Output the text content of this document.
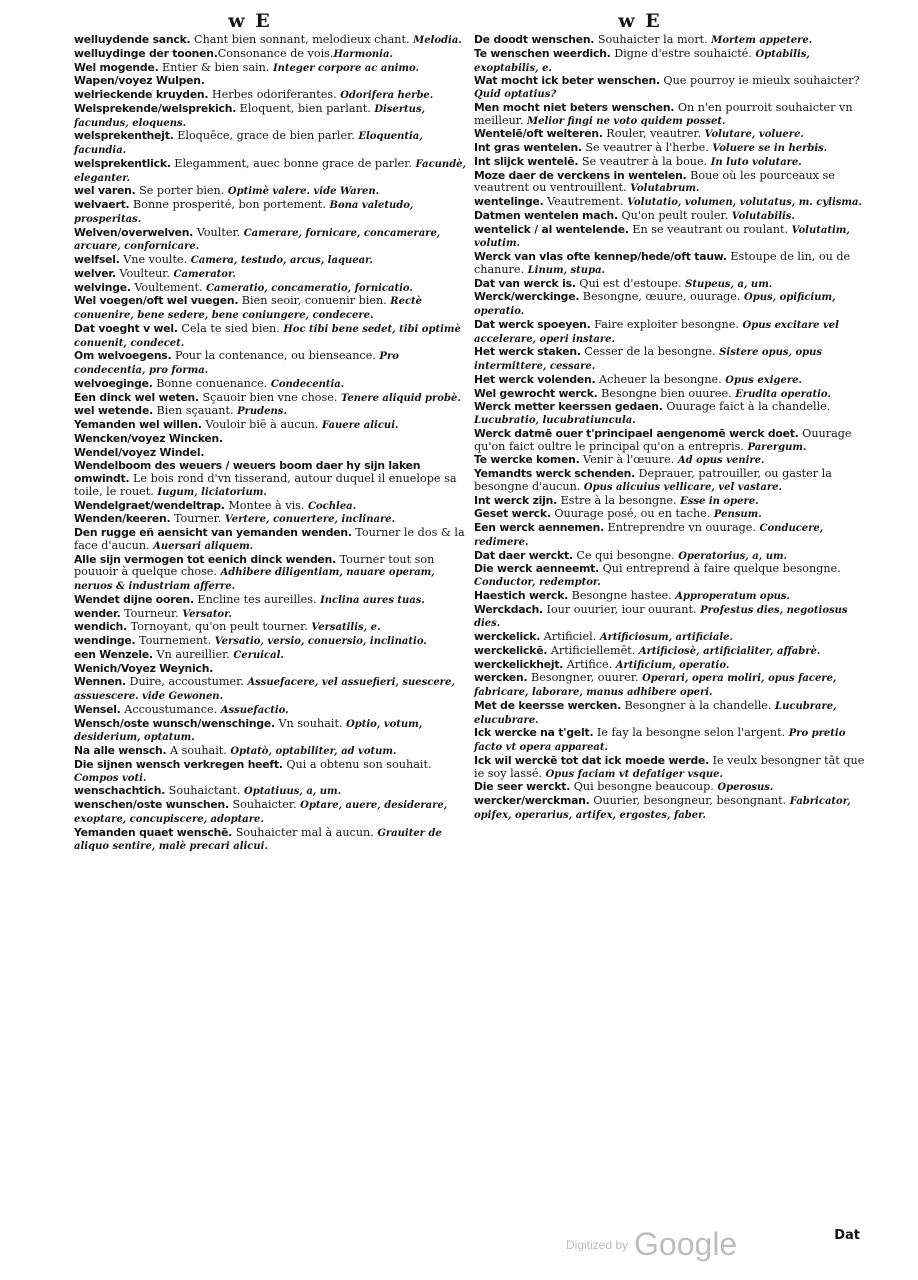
w E	w E

welluydende sanck. Chant bien sonnant, melodieux chant. Melodia.

welluydinge der toonen.Consonance de vois.Harmonia.

Wel mogende. Entier & bien sain. Integer corpore ac animo.

Wapen/voyez Wulpen.

welrieckende kruyden. Herbes odoriferantes. Odorifera herbe.

Welsprekende/welsprekich. Eloquent, bien parlant. Disertus, facundus, eloquens.

welsprekenthejt. Eloquēce, grace de bien parler. Eloquentia, facundia.

welsprekentlick. Elegamment, auec bonne grace de parler. Facundè, eleganter.

wel varen. Se porter bien. Optimè valere. vide Waren.

welvaert. Bonne prosperité, bon portement. Bona valetudo, prosperitas.

Welven/overwelven. Voulter. Camerare, fornicare, concamerare, arcuare, confornicare.

welfsel. Vne voulte. Camera, testudo, arcus, laquear.

welver. Voulteur. Camerator.

welvinge. Voultement. Cameratio, concameratio, fornicatio.

Wel voegen/oft wel vuegen. Bien seoir, conuenir bien. Rectè conuenire, bene sedere, bene coniungere, condecere.

Dat voeght v wel. Cela te sied bien. Hoc tibi bene sedet, tibi optimè conuenit, condecet.

Om welvoegens. Pour la contenance, ou bienseance. Pro condecentia, pro forma.

welvoeginge. Bonne conuenance. Condecentia.

Een dinck wel weten. Sçauoir bien vne chose. Tenere aliquid probè.

wel wetende. Bien sçauant. Prudens.

Yemanden wel willen. Vouloir biē à aucun. Fauere alicui.

Wencken/voyez Wincken.

Wendel/voyez Windel.

Wendelboom des weuers / weuers boom daer hy sijn laken omwindt. Le bois rond d'vn tisserand, autour duquel il enuelope sa toile, le rouet. Iugum, liciatorium.

Wendelgraet/wendeltrap. Montee à vis. Cochlea.

Wenden/keeren. Tourner. Vertere, conuertere, inclinare.

Den rugge eñ aensicht van yemanden wenden. Tourner le dos & la face d'aucun. Auersari aliquem.

Alle sijn vermogen tot eenich dinck wenden. Tourner tout son pouuoir à quelque chose. Adhibere diligentiam, nauare operam, neruos & industriam afferre.

Wendet dijne ooren. Encline tes aureilles. Inclina aures tuas.

wender. Tourneur. Versator.

wendich. Tornoyant, qu'on peult tourner. Versatilis, e.

wendinge. Tournement. Versatio, versio, conuersio, inclinatio.

een Wenzele. Vn aureillier. Ceruical.

Wenich/Voyez Weynich.

Wennen. Duire, accoustumer. Assuefacere, vel assuefieri, suescere, assuescere. vide Gewonen.

Wensel. Accoustumance. Assuefactio.

Wensch/oste wunsch/wenschinge. Vn souhait. Optio, votum, desiderium, optatum.

Na alle wensch. A souhait. Optatò, optabiliter, ad votum.

Die sijnen wensch verkregen heeft. Qui a obtenu son souhait. Compos voti.

wenschachtich. Souhaictant. Optatiuus, a, um.

wenschen/oste wunschen. Souhaicter. Optare, auere, desiderare, exoptare, concupiscere, adoptare.

Yemanden quaet wenschē. Souhaicter mal à aucun. Grauiter de aliquo sentire, malè precari alicui.

De doodt wenschen. Souhaicter la mort. Mortem appetere.

Te wenschen weerdich. Digne d'estre souhaicté. Optabilis, exoptabilis, e.

Wat mocht ick beter wenschen. Que pourroy ie mieulx souhaicter? Quid optatius?

Men mocht niet beters wenschen. On n'en pourroit souhaicter vn meilleur. Melior fingi ne voto quidem posset.

Wentelē/oft welteren. Rouler, veautrer. Volutare, voluere.

Int gras wentelen. Se veautrer à l'herbe. Voluere se in herbis.

Int slijck wentelē. Se veautrer à la boue. In luto volutare.

Moze daer de verckens in wentelen. Boue où les pourceaux se veautrent ou ventrouillent. Volutabrum.

wentelinge. Veautrement. Volutatio, volumen, volutatus, m. cylisma.

Datmen wentelen mach. Qu'on peult rouler. Volutabilis.

wentelick / al wentelende. En se veautrant ou roulant. Volutatim, volutim.

Werck van vlas ofte kennep/hede/oft tauw. Estoupe de lin, ou de chanure. Linum, stupa.

Dat van werck is. Qui est d'estoupe. Stupeus, a, um.

Werck/werckinge. Besongne, œuure, ouurage. Opus, opificium, operatio.

Dat werck spoeyen. Faire exploiter besongne. Opus excitare vel accelerare, operi instare.

Het werck staken. Cesser de la besongne. Sistere opus, opus intermittere, cessare.

Het werck volenden. Acheuer la besongne. Opus exigere.

Wel gewrocht werck. Besongne bien ouuree. Erudita operatio.

Werck metter keerssen gedaen. Ouurage faict à la chandelle. Lucubratio, lucubratiuncula.

Werck datmē ouer t'principael aengenomē werck doet. Ouurage qu'on faict oultre le principal qu'on a entrepris. Parergum.

Te wercke komen. Venir à l'œuure. Ad opus venire.

Yemandts werck schenden. Deprauer, patrouiller, ou gaster la besongne d'aucun. Opus alicuius vellicare, vel vastare.

Int werck zijn. Estre à la besongne. Esse in opere.

Geset werck. Ouurage posé, ou en tache. Pensum.

Een werck aennemen. Entreprendre vn ouurage. Conducere, redimere.

Dat daer werckt. Ce qui besongne. Operatorius, a, um.

Die werck aenneemt. Qui entreprend à faire quelque besongne. Conductor, redemptor.

Haestich werck. Besongne hastee. Approperatum opus.

Werckdach. Iour ouurier, iour ouurant. Profestus dies, negotiosus dies.

werckelick. Artificiel. Artificiosum, artificiale.

werckelickē. Artificiellemēt. Artificiosè, artificialiter, affabrè.

werckelickhejt. Artifice. Artificium, operatio.

wercken. Besongner, ouurer. Operari, opera moliri, opus facere, fabricare, laborare, manus adhibere operi.

Met de keersse wercken. Besongner à la chandelle. Lucubrare, elucubrare.

Ick wercke na t'gelt. Ie fay la besongne selon l'argent. Pro pretio facto vt opera appareat.

Ick wil werckē tot dat ick moede werde. Ie veulx besongner tāt que ie soy lassé. Opus faciam vt defatiger vsque.

Die seer werckt. Qui besongne beaucoup. Operosus.

wercker/werckman. Ouurier, besongneur, besongnant. Fabricator, opifex, operarius, artifex, ergostes, faber.

Dat
Digitized by Google
